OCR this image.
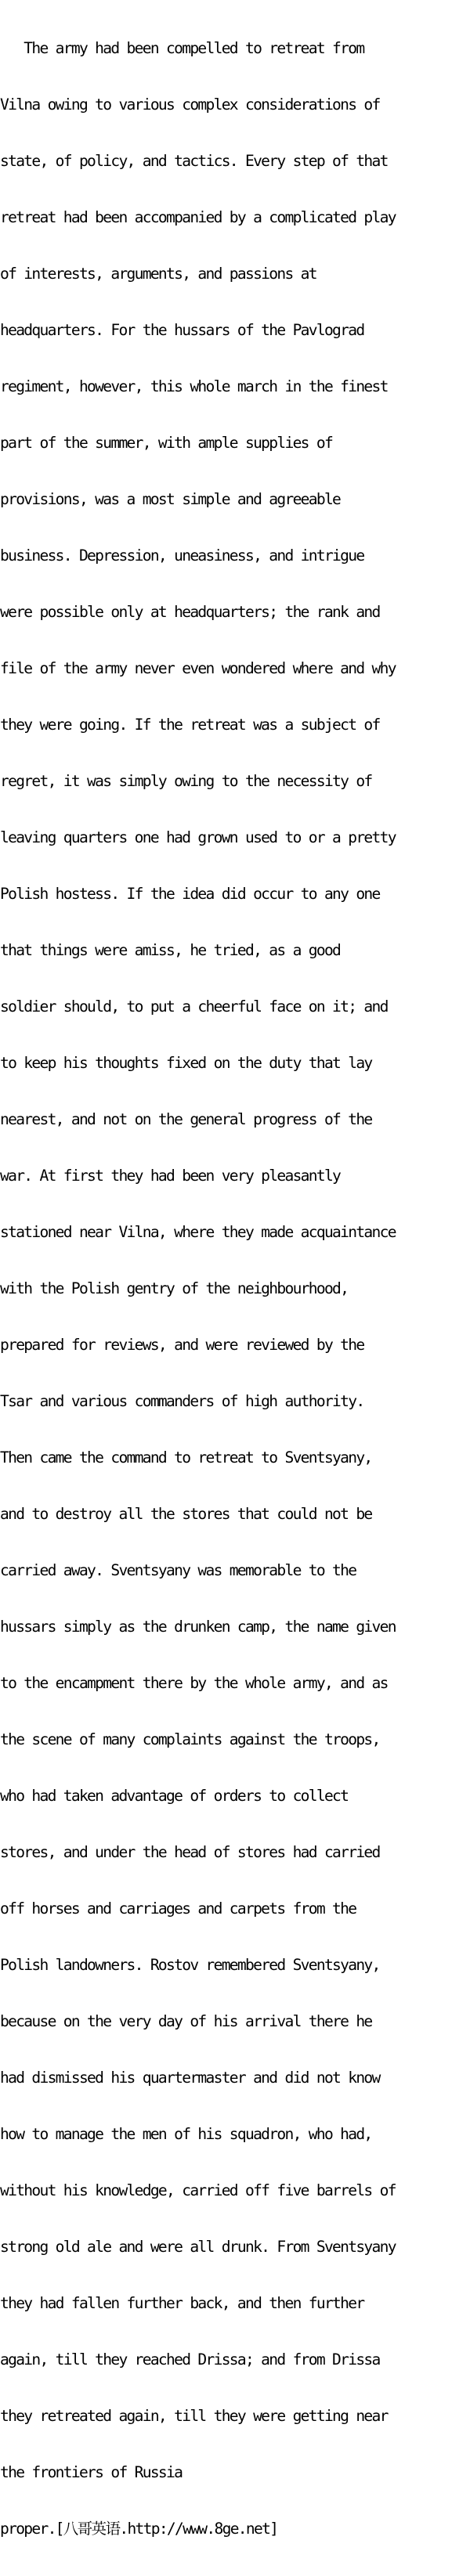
The army had been compelled to retreat from

Vilna owing to various complex considerations of

state, of policy, and tactics. Every step of that

retreat had been accompanied by a complicated play

of interests, arguments, and passions at

headquarters. For the hussars of the Pavlograd

regiment, however, this whole march in the finest

part of the summer, with ample supplies of

provisions, was a most simple and agreeable

business. Depression, uneasiness, and intrigue

were possible only at headquarters; the rank and

file of the army never even wondered where and why

they were going. If the retreat was a subject of

regret, it was simply owing to the necessity of

leaving quarters one had grown used to or a pretty

Polish hostess. If the idea did occur to any one

that things were amiss, he tried, as a good

soldier should, to put a cheerful face on it; and

to keep his thoughts fixed on the duty that lay

nearest, and not on the general progress of the

war. At first they had been very pleasantly

stationed near Vilna, where they made acquaintance

with the Polish gentry of the neighbourhood,

prepared for reviews, and were reviewed by the

Tsar and various commanders of high authority.

Then came the command to retreat to Sventsyany,

and to destroy all the stores that could not be

carried away. Sventsyany was memorable to the

hussars simply as the drunken camp, the name given

to the encampment there by the whole army, and as

the scene of many complaints against the troops,

who had taken advantage of orders to collect

stores, and under the head of stores had carried

off horses and carriages and carpets from the

Polish landowners. Rostov remembered Sventsyany,

because on the very day of his arrival there he

had dismissed his quartermaster and did not know

how to manage the men of his squadron, who had,

without his knowledge, carried off five barrels of

strong old ale and were all drunk. From Sventsyany

they had fallen further back, and then further

again, till they reached Drissa; and from Drissa

they retreated again, till they were getting near

the frontiers of Russia

proper.[八哥英语.http://www.8ge.net]
